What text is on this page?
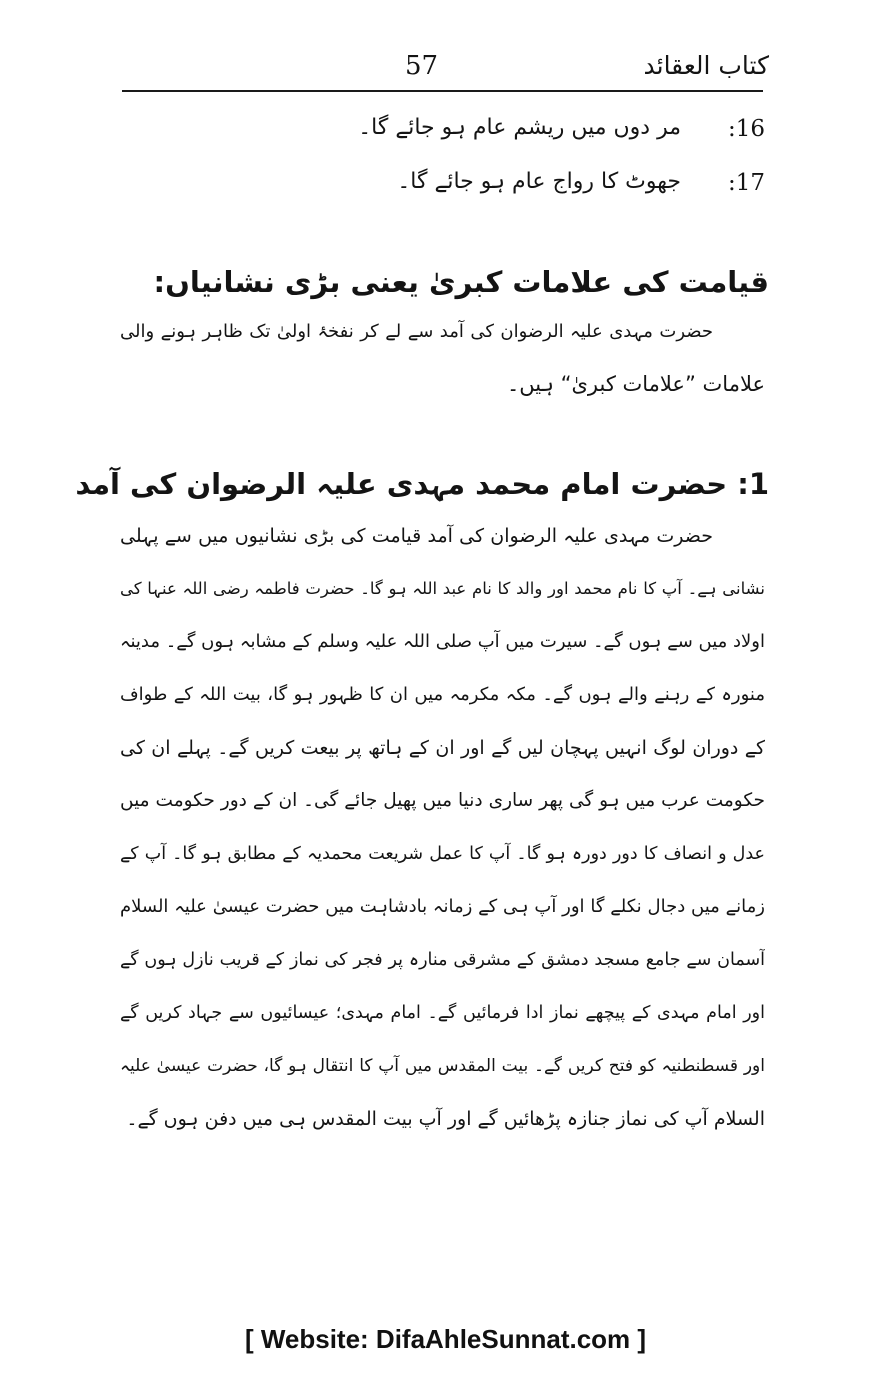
کتاب العقائد
57
:16
مر دوں میں ریشم عام ہو جائے گا۔
:17
جھوٹ کا رواج عام ہو جائے گا۔
قیامت کی علامات کبریٰ یعنی بڑی نشانیاں:
حضرت مہدی علیہ الرضوان کی آمد سے لے کر نفخۂ اولیٰ تک ظاہر ہونے والی
علامات ”علامات کبریٰ“ ہیں۔
1: حضرت امام محمد مہدی علیہ الرضوان کی آمد
حضرت مہدی علیہ الرضوان کی آمد قیامت کی بڑی نشانیوں میں سے پہلی
نشانی ہے۔ آپ کا نام محمد اور والد کا نام عبد اللہ ہو گا۔ حضرت فاطمہ رضی اللہ عنہا کی
اولاد میں سے ہوں گے۔ سیرت میں آپ صلی اللہ علیہ وسلم کے مشابہ ہوں گے۔ مدینہ
منورہ کے رہنے والے ہوں گے۔ مکہ مکرمہ میں ان کا ظہور ہو گا، بیت اللہ کے طواف
کے دوران لوگ انہیں پہچان لیں گے اور ان کے ہاتھ پر بیعت کریں گے۔ پہلے ان کی
حکومت عرب میں ہو گی پھر ساری دنیا میں پھیل جائے گی۔ ان کے دور حکومت میں
عدل و انصاف کا دور دورہ ہو گا۔ آپ کا عمل شریعت محمدیہ کے مطابق ہو گا۔ آپ کے
زمانے میں دجال نکلے گا اور آپ ہی کے زمانہ بادشاہت میں حضرت عیسیٰ علیہ السلام
آسمان سے جامع مسجد دمشق کے مشرقی منارہ پر فجر کی نماز کے قریب نازل ہوں گے
اور امام مہدی کے پیچھے نماز ادا فرمائیں گے۔ امام مہدی؛ عیسائیوں سے جہاد کریں گے
اور قسطنطنیہ کو فتح کریں گے۔ بیت المقدس میں آپ کا انتقال ہو گا، حضرت عیسیٰ علیہ
السلام آپ کی نماز جنازہ پڑھائیں گے اور آپ بیت المقدس ہی میں دفن ہوں گے۔
[ Website: DifaAhleSunnat.com ]
